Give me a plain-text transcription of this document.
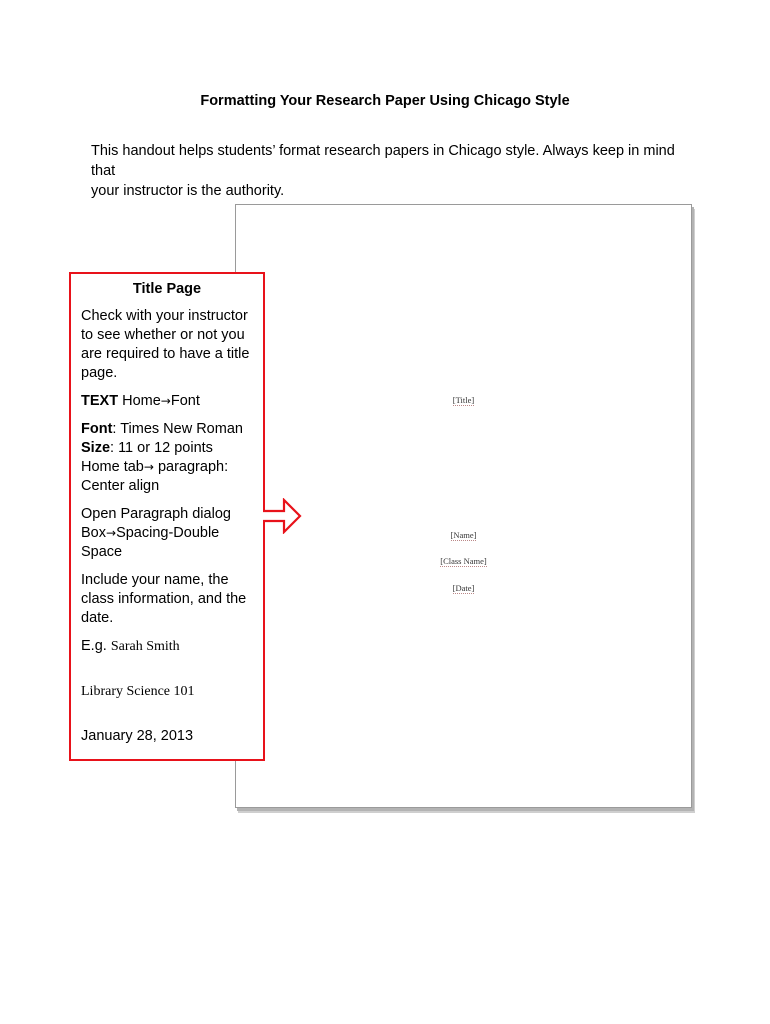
Formatting Your Research Paper Using Chicago Style

This handout helps students’ format research papers in Chicago style. Always keep in mind that

your instructor is the authority.

[Title]
[Name]
[Class Name]
[Date]
Title Page

Check with your instructor to see whether or not you are required to have a title page.

TEXT Home→Font

Font: Times New Roman
Size: 11 or 12 points
Home tab→ paragraph:
Center align

Open Paragraph dialog
Box→Spacing-Double
Space

Include your name, the class information, and the date.

E.g. Sarah Smith
Library Science 101
January 28, 2013
